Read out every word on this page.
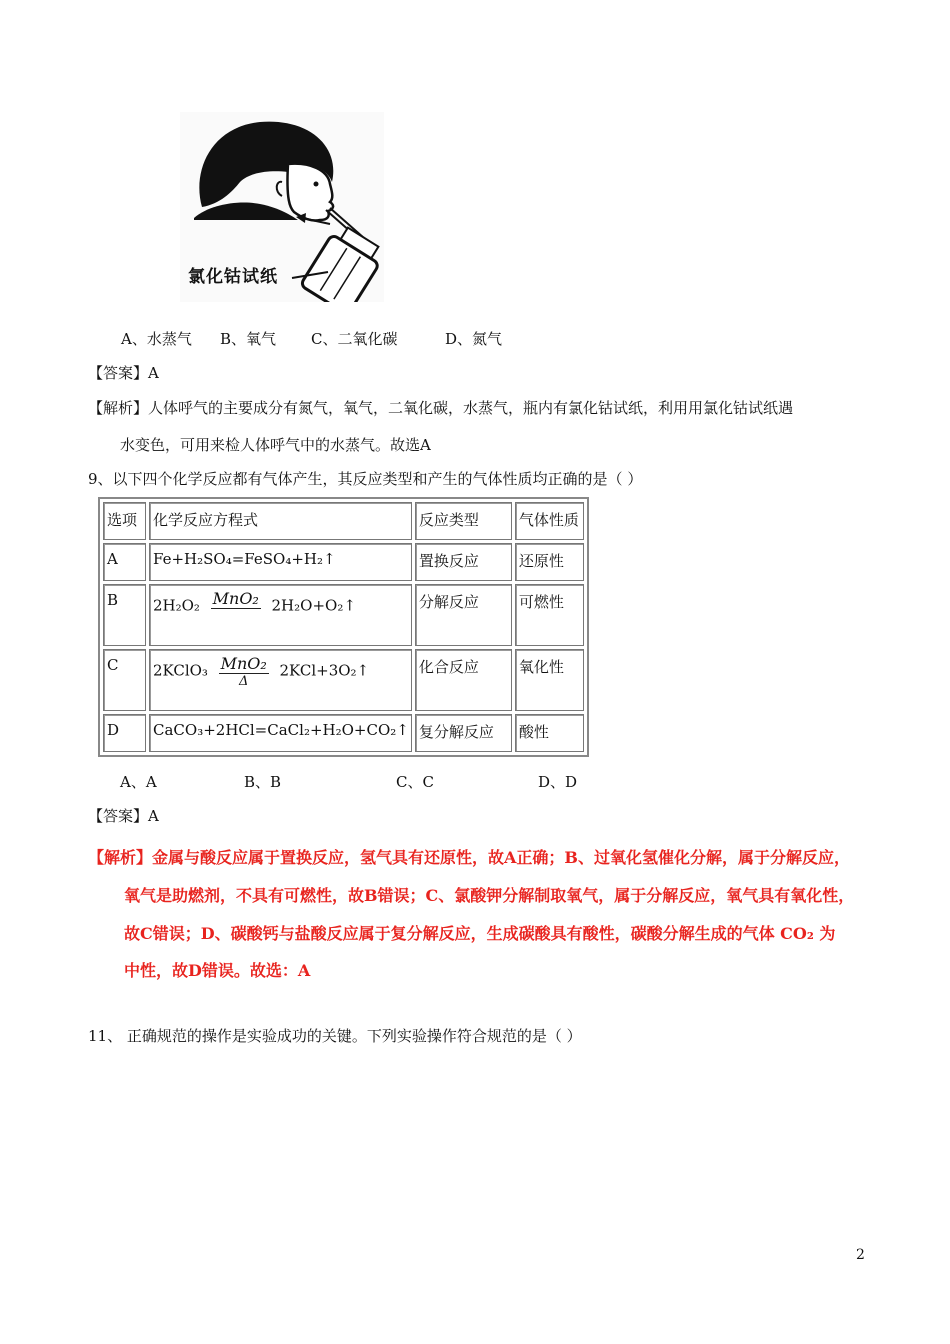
氯化钴试纸
A、水蒸气 B、氧气 C、二氧化碳	D、氮气
【答案】A
【解析】人体呼气的主要成分有氮气，氧气，二氧化碳，水蒸气，瓶内有氯化钴试纸，利用用氯化钴试纸遇
水变色，可用来检人体呼气中的水蒸气。故选A
9、以下四个化学反应都有气体产生，其反应类型和产生的气体性质均正确的是（ ）
选项	化学反应方程式	反应类型	气体性质
A	Fe+H₂SO₄=FeSO₄+H₂↑	置换反应	还原性
B	2H₂O₂ MnO₂ 2H₂O+O₂↑	分解反应	可燃性
C	2KClO₃ MnO₂
Δ
2KCl+3O₂↑	化合反应	氧化性
D	CaCO₃+2HCl=CaCl₂+H₂O+CO₂↑	复分解反应	酸性
A、A	B、B	C、C	D、D
【答案】A
【解析】金属与酸反应属于置换反应，氢气具有还原性，故A正确；B、过氧化氢催化分解，属于分解反应，
氧气是助燃剂，不具有可燃性，故B错误；C、氯酸钾分解制取氧气，属于分解反应，氧气具有氧化性，
故C错误；D、碳酸钙与盐酸反应属于复分解反应，生成碳酸具有酸性，碳酸分解生成的气体 CO₂ 为
中性，故D错误。故选：A
11、 正确规范的操作是实验成功的关键。下列实验操作符合规范的是（ ）
2
